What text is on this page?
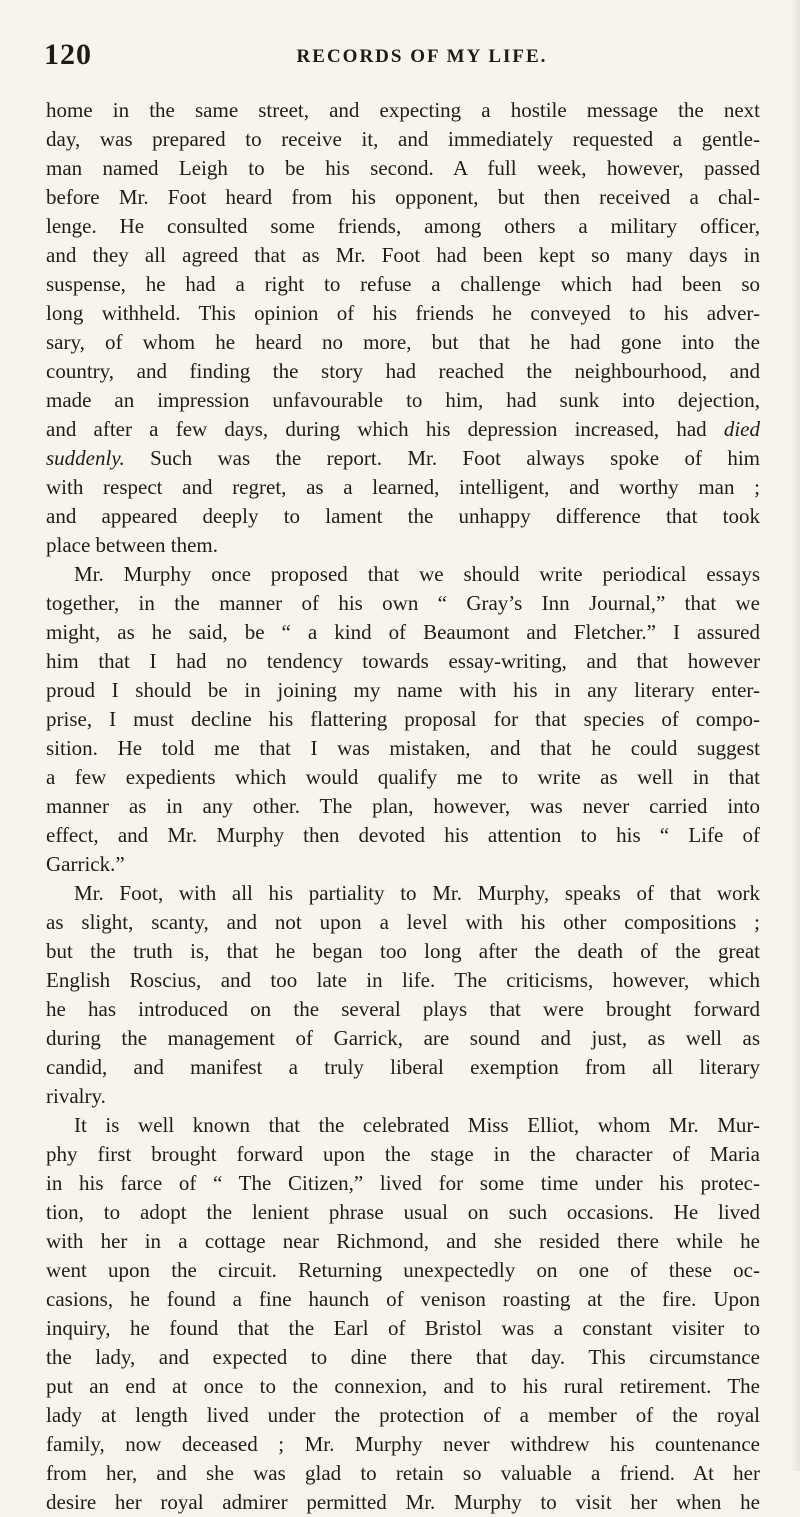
120	RECORDS OF MY LIFE.
home in the same street, and expecting a hostile message the next
day, was prepared to receive it, and immediately requested a gentle-
man named Leigh to be his second. A full week, however, passed
before Mr. Foot heard from his opponent, but then received a chal-
lenge. He consulted some friends, among others a military officer,
and they all agreed that as Mr. Foot had been kept so many days in
suspense, he had a right to refuse a challenge which had been so
long withheld. This opinion of his friends he conveyed to his adver-
sary, of whom he heard no more, but that he had gone into the
country, and finding the story had reached the neighbourhood, and
made an impression unfavourable to him, had sunk into dejection,
and after a few days, during which his depression increased, had died
suddenly. Such was the report. Mr. Foot always spoke of him
with respect and regret, as a learned, intelligent, and worthy man ;
and appeared deeply to lament the unhappy difference that took
place between them.
Mr. Murphy once proposed that we should write periodical essays
together, in the manner of his own “ Gray’s Inn Journal,” that we
might, as he said, be “ a kind of Beaumont and Fletcher.” I assured
him that I had no tendency towards essay-writing, and that however
proud I should be in joining my name with his in any literary enter-
prise, I must decline his flattering proposal for that species of compo-
sition. He told me that I was mistaken, and that he could suggest
a few expedients which would qualify me to write as well in that
manner as in any other. The plan, however, was never carried into
effect, and Mr. Murphy then devoted his attention to his “ Life of
Garrick.”
Mr. Foot, with all his partiality to Mr. Murphy, speaks of that work
as slight, scanty, and not upon a level with his other compositions ;
but the truth is, that he began too long after the death of the great
English Roscius, and too late in life. The criticisms, however, which
he has introduced on the several plays that were brought forward
during the management of Garrick, are sound and just, as well as
candid, and manifest a truly liberal exemption from all literary
rivalry.
It is well known that the celebrated Miss Elliot, whom Mr. Mur-
phy first brought forward upon the stage in the character of Maria
in his farce of “ The Citizen,” lived for some time under his protec-
tion, to adopt the lenient phrase usual on such occasions. He lived
with her in a cottage near Richmond, and she resided there while he
went upon the circuit. Returning unexpectedly on one of these oc-
casions, he found a fine haunch of venison roasting at the fire. Upon
inquiry, he found that the Earl of Bristol was a constant visiter to
the lady, and expected to dine there that day. This circumstance
put an end at once to the connexion, and to his rural retirement. The
lady at length lived under the protection of a member of the royal
family, now deceased ; Mr. Murphy never withdrew his countenance
from her, and she was glad to retain so valuable a friend. At her
desire her royal admirer permitted Mr. Murphy to visit her when he
